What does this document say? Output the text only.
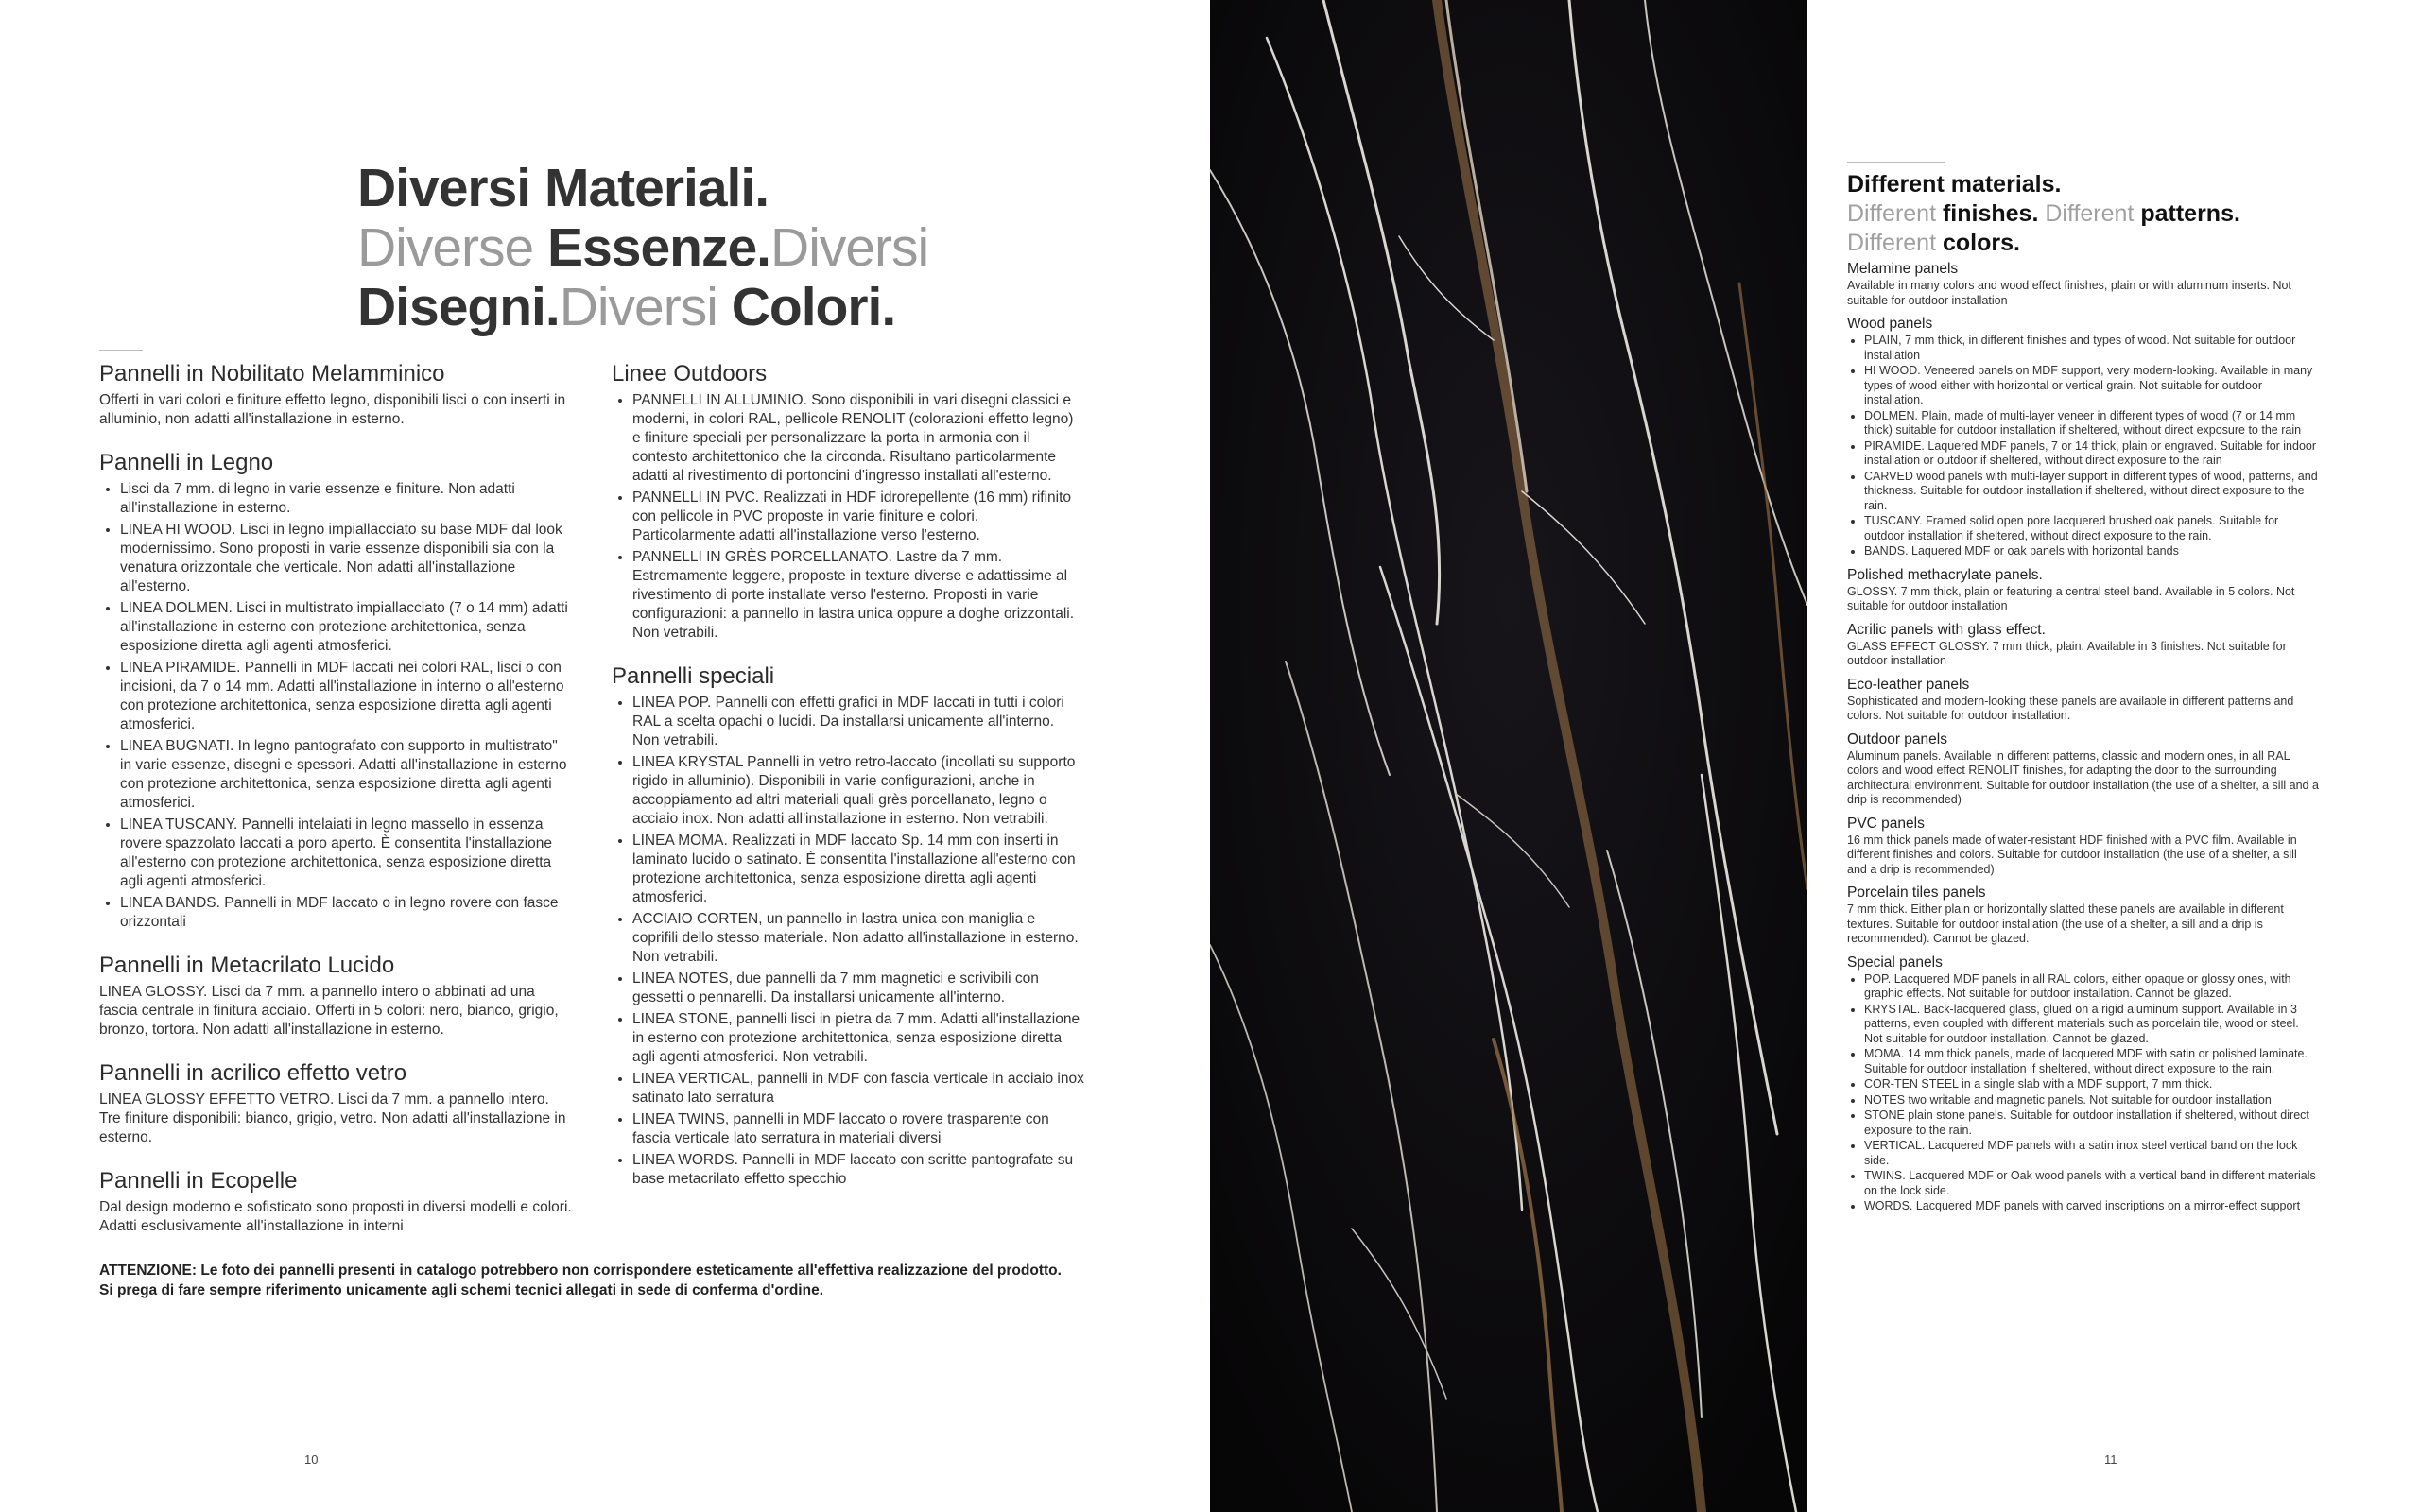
Diversi Materiali.
Diverse Essenze.Diversi
Disegni.Diversi Colori.
Pannelli in Nobilitato Melamminico

Offerti in vari colori e finiture effetto legno, disponibili lisci o con inserti in alluminio, non adatti all'installazione in esterno.

Pannelli in Legno
• Lisci da 7 mm. di legno in varie essenze e finiture. Non adatti all'installazione in esterno.
• LINEA HI WOOD. Lisci in legno impiallacciato su base MDF dal look modernissimo. Sono proposti in varie essenze disponibili sia con la venatura orizzontale che verticale. Non adatti all'installazione all'esterno.
• LINEA DOLMEN. Lisci in multistrato impiallacciato (7 o 14 mm) adatti all'installazione in esterno con protezione architettonica, senza esposizione diretta agli agenti atmosferici.
• LINEA PIRAMIDE. Pannelli in MDF laccati nei colori RAL, lisci o con incisioni, da 7 o 14 mm. Adatti all'installazione in interno o all'esterno con protezione architettonica, senza esposizione diretta agli agenti atmosferici.
• LINEA BUGNATI. In legno pantografato con supporto in multistrato" in varie essenze, disegni e spessori. Adatti all'installazione in esterno con protezione architettonica, senza esposizione diretta agli agenti atmosferici.
• LINEA TUSCANY. Pannelli intelaiati in legno massello in essenza rovere spazzolato laccati a poro aperto. È consentita l'installazione all'esterno con protezione architettonica, senza esposizione diretta agli agenti atmosferici.
• LINEA BANDS. Pannelli in MDF laccato o in legno rovere con fasce orizzontali
Pannelli in Metacrilato Lucido

LINEA GLOSSY. Lisci da 7 mm. a pannello intero o abbinati ad una fascia centrale in finitura acciaio. Offerti in 5 colori: nero, bianco, grigio, bronzo, tortora. Non adatti all'installazione in esterno.

Pannelli in acrilico effetto vetro

LINEA GLOSSY EFFETTO VETRO. Lisci da 7 mm. a pannello intero. Tre finiture disponibili: bianco, grigio, vetro. Non adatti all'installazione in esterno.

Pannelli in Ecopelle

Dal design moderno e sofisticato sono proposti in diversi modelli e colori. Adatti esclusivamente all'installazione in interni

Linee Outdoors
• PANNELLI IN ALLUMINIO. Sono disponibili in vari disegni classici e moderni, in colori RAL, pellicole RENOLIT (colorazioni effetto legno) e finiture speciali per personalizzare la porta in armonia con il contesto architettonico che la circonda. Risultano particolarmente adatti al rivestimento di portoncini d'ingresso installati all'esterno.
• PANNELLI IN PVC. Realizzati in HDF idrorepellente (16 mm) rifinito con pellicole in PVC proposte in varie finiture e colori. Particolarmente adatti all'installazione verso l'esterno.
• PANNELLI IN GRÈS PORCELLANATO. Lastre da 7 mm. Estremamente leggere, proposte in texture diverse e adattissime al rivestimento di porte installate verso l'esterno. Proposti in varie configurazioni: a pannello in lastra unica oppure a doghe orizzontali. Non vetrabili.
Pannelli speciali
• LINEA POP. Pannelli con effetti grafici in MDF laccati in tutti i colori RAL a scelta opachi o lucidi. Da installarsi unicamente all'interno. Non vetrabili.
• LINEA KRYSTAL Pannelli in vetro retro-laccato (incollati su supporto rigido in alluminio). Disponibili in varie configurazioni, anche in accoppiamento ad altri materiali quali grès porcellanato, legno o acciaio inox. Non adatti all'installazione in esterno. Non vetrabili.
• LINEA MOMA. Realizzati in MDF laccato Sp. 14 mm con inserti in laminato lucido o satinato. È consentita l'installazione all'esterno con protezione architettonica, senza esposizione diretta agli agenti atmosferici.
• ACCIAIO CORTEN, un pannello in lastra unica con maniglia e coprifili dello stesso materiale. Non adatto all'installazione in esterno. Non vetrabili.
• LINEA NOTES, due pannelli da 7 mm magnetici e scrivibili con gessetti o pennarelli. Da installarsi unicamente all'interno.
• LINEA STONE, pannelli lisci in pietra da 7 mm. Adatti all'installazione in esterno con protezione architettonica, senza esposizione diretta agli agenti atmosferici. Non vetrabili.
• LINEA VERTICAL, pannelli in MDF con fascia verticale in acciaio inox satinato lato serratura
• LINEA TWINS, pannelli in MDF laccato o rovere trasparente con fascia verticale lato serratura in materiali diversi
• LINEA WORDS. Pannelli in MDF laccato con scritte pantografate su base metacrilato effetto specchio
ATTENZIONE: Le foto dei pannelli presenti in catalogo potrebbero non corrispondere esteticamente all'effettiva realizzazione del prodotto.
Si prega di fare sempre riferimento unicamente agli schemi tecnici allegati in sede di conferma d'ordine.
10
Different materials.
Different finishes. Different patterns.
Different colors.
Melamine panels

Available in many colors and wood effect finishes, plain or with aluminum inserts. Not suitable for outdoor installation

Wood panels
• PLAIN, 7 mm thick, in different finishes and types of wood. Not suitable for outdoor installation
• HI WOOD. Veneered panels on MDF support, very modern-looking. Available in many types of wood either with horizontal or vertical grain. Not suitable for outdoor installation.
• DOLMEN. Plain, made of multi-layer veneer in different types of wood (7 or 14 mm thick) suitable for outdoor installation if sheltered, without direct exposure to the rain
• PIRAMIDE. Laquered MDF panels, 7 or 14 thick, plain or engraved. Suitable for indoor installation or outdoor if sheltered, without direct exposure to the rain
• CARVED wood panels with multi-layer support in different types of wood, patterns, and thickness. Suitable for outdoor installation if sheltered, without direct exposure to the rain.
• TUSCANY. Framed solid open pore lacquered brushed oak panels. Suitable for outdoor installation if sheltered, without direct exposure to the rain.
• BANDS. Laquered MDF or oak panels with horizontal bands
Polished methacrylate panels.

GLOSSY. 7 mm thick, plain or featuring a central steel band. Available in 5 colors. Not suitable for outdoor installation

Acrilic panels with glass effect.

GLASS EFFECT GLOSSY. 7 mm thick, plain. Available in 3 finishes. Not suitable for outdoor installation

Eco-leather panels

Sophisticated and modern-looking these panels are available in different patterns and colors. Not suitable for outdoor installation.

Outdoor panels

Aluminum panels. Available in different patterns, classic and modern ones, in all RAL colors and wood effect RENOLIT finishes, for adapting the door to the surrounding architectural environment. Suitable for outdoor installation (the use of a shelter, a sill and a drip is recommended)

PVC panels

16 mm thick panels made of water-resistant HDF finished with a PVC film. Available in different finishes and colors. Suitable for outdoor installation (the use of a shelter, a sill and a drip is recommended)

Porcelain tiles panels

7 mm thick. Either plain or horizontally slatted these panels are available in different textures. Suitable for outdoor installation (the use of a shelter, a sill and a drip is recommended). Cannot be glazed.

Special panels
• POP. Lacquered MDF panels in all RAL colors, either opaque or glossy ones, with graphic effects. Not suitable for outdoor installation. Cannot be glazed.
• KRYSTAL. Back-lacquered glass, glued on a rigid aluminum support. Available in 3 patterns, even coupled with different materials such as porcelain tile, wood or steel. Not suitable for outdoor installation. Cannot be glazed.
• MOMA. 14 mm thick panels, made of lacquered MDF with satin or polished laminate. Suitable for outdoor installation if sheltered, without direct exposure to the rain.
• COR-TEN STEEL in a single slab with a MDF support, 7 mm thick.
• NOTES two writable and magnetic panels. Not suitable for outdoor installation
• STONE plain stone panels. Suitable for outdoor installation if sheltered, without direct exposure to the rain.
• VERTICAL. Lacquered MDF panels with a satin inox steel vertical band on the lock side.
• TWINS. Lacquered MDF or Oak wood panels with a vertical band in different materials on the lock side.
• WORDS. Lacquered MDF panels with carved inscriptions on a mirror-effect support
11
